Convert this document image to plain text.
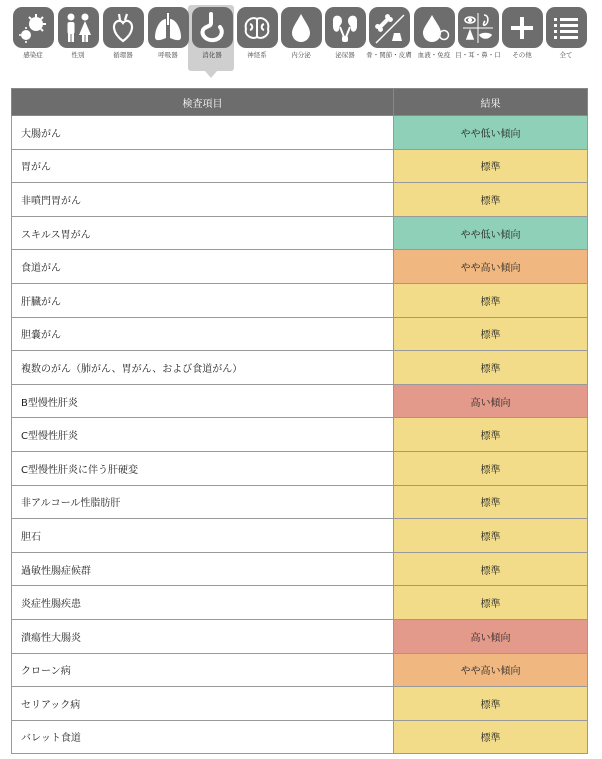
感染症	性別	循環器	呼吸器	消化器	神経系	内分泌	泌尿器	骨・関節・皮膚 血液・免疫 目・耳・鼻・口	その他	全て
検査項目	結果
大腸がん	やや低い傾向
胃がん	標準
非噴門胃がん	標準
スキルス胃がん	やや低い傾向
食道がん	やや高い傾向
肝臓がん	標準
胆嚢がん	標準
複数のがん（肺がん、胃がん、および食道がん）	標準
B型慢性肝炎	高い傾向
C型慢性肝炎	標準
C型慢性肝炎に伴う肝硬変	標準
非アルコール性脂肪肝	標準
胆石	標準
過敏性腸症候群	標準
炎症性腸疾患	標準
潰瘍性大腸炎	高い傾向
クローン病	やや高い傾向
セリアック病	標準
バレット食道	標準
